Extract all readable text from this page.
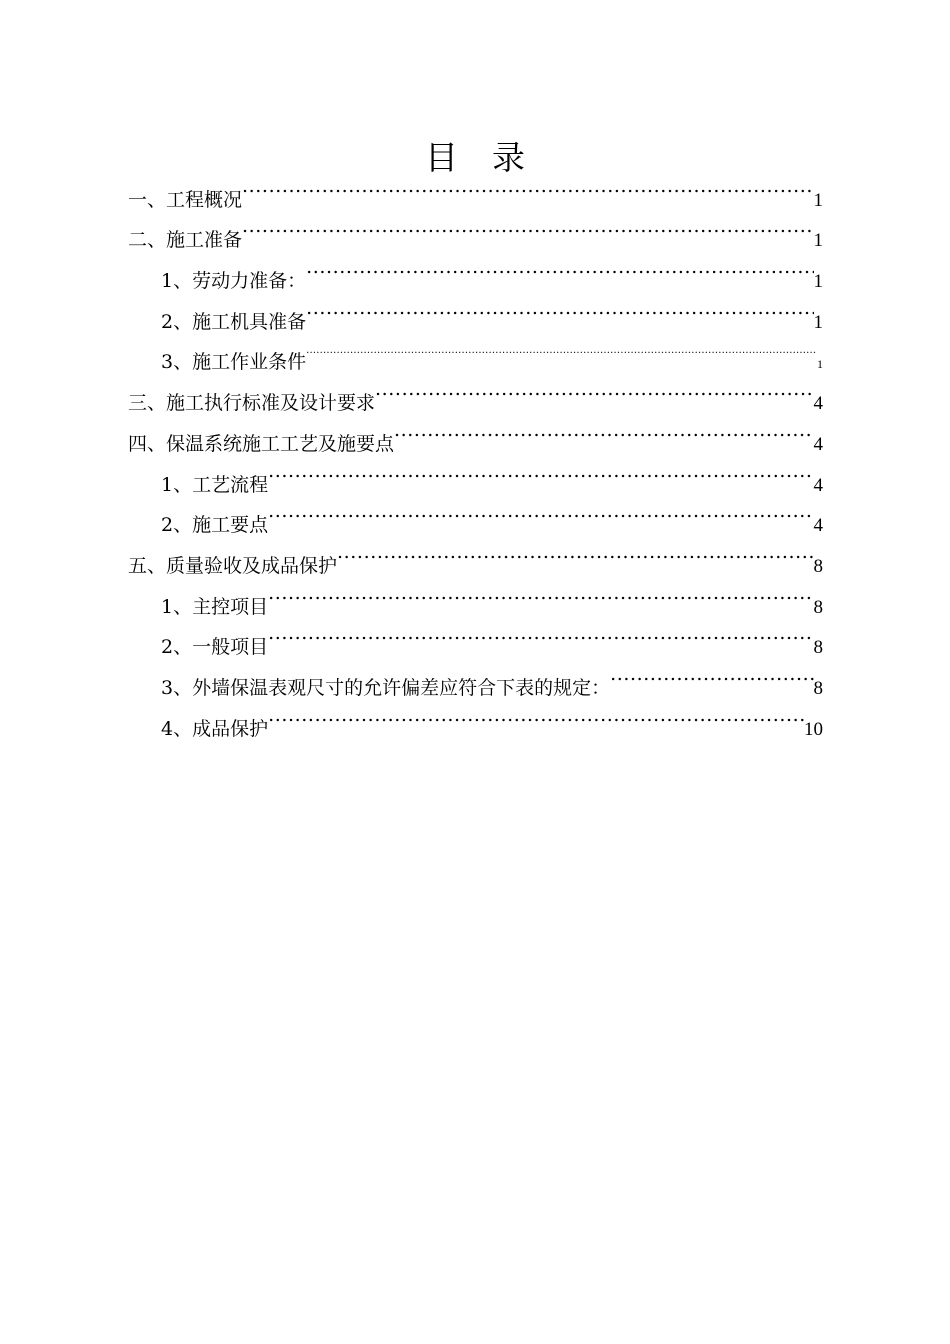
目 录
一、工程概况 .....	1
二、施工准备 .....	1
1、劳动力准备： .....	1
2、施工机具准备 .....	1
3、施工作业条件 .....	1
三、施工执行标准及设计要求 .....	4
四、保温系统施工工艺及施要点 .....	4
1、工艺流程 .....	4
2、施工要点 .....	4
五、质量验收及成品保护 .....	8
1、主控项目 .....	8
2、一般项目 .....	8
3、外墙保温表观尺寸的允许偏差应符合下表的规定： .....	8
4、成品保护 .....	10
